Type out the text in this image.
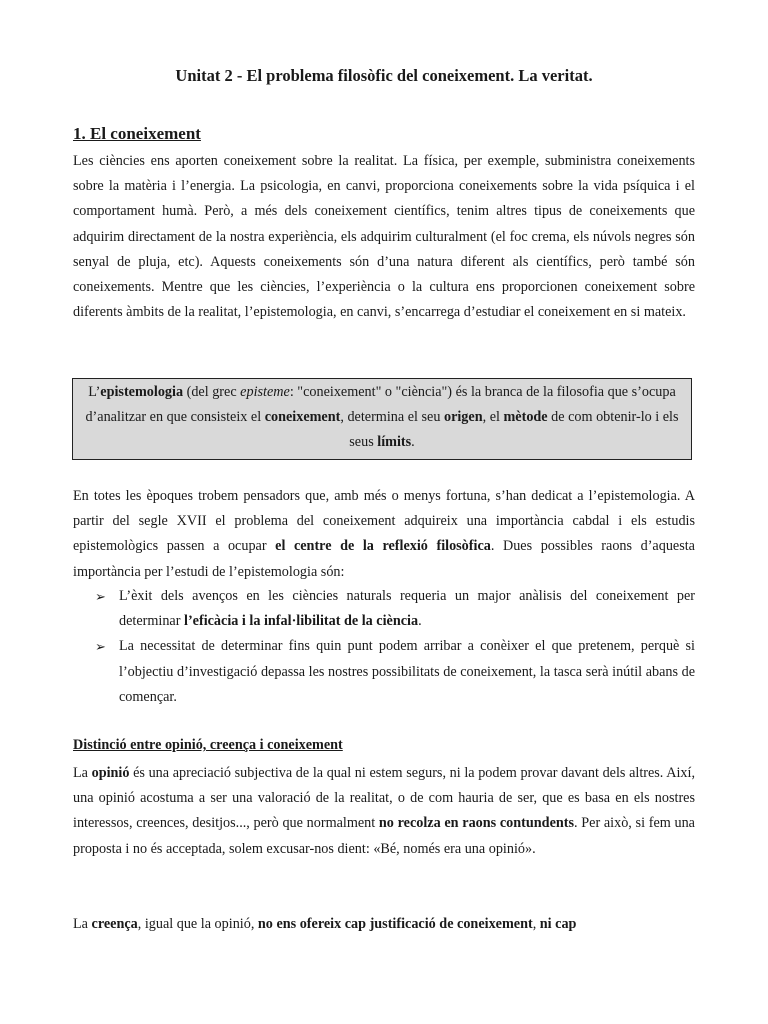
Unitat 2 - El problema filosòfic del coneixement. La veritat.

1. El coneixement

Les ciències ens aporten coneixement sobre la realitat. La física, per exemple, subministra coneixements sobre la matèria i l’energia. La psicologia, en canvi, proporciona coneixements sobre la vida psíquica i el comportament humà. Però, a més dels coneixement científics, tenim altres tipus de coneixements que adquirim directament de la nostra experiència, els adquirim culturalment (el foc crema, els núvols negres són senyal de pluja, etc). Aquests coneixements són d’una natura diferent als científics, però també són coneixements. Mentre que les ciències, l’experiència o la cultura ens proporcionen coneixement sobre diferents àmbits de la realitat, l’epistemologia, en canvi, s’encarrega d’estudiar el coneixement en si mateix.

L’epistemologia (del grec episteme: "coneixement" o "ciència") és la branca de la filosofia que s’ocupa d’analitzar en que consisteix el coneixement, determina el seu origen, el mètode de com obtenir-lo i els seus límits.

En totes les èpoques trobem pensadors que, amb més o menys fortuna, s’han dedicat a l’epistemologia. A partir del segle XVII el problema del coneixement adquireix una importància cabdal i els estudis epistemològics passen a ocupar el centre de la reflexió filosòfica. Dues possibles raons d’aquesta importància per l’estudi de l’epistemologia són:

➢ L’èxit dels avenços en les ciències naturals requeria un major anàlisis del coneixement per determinar l’eficàcia i la infal·libilitat de la ciència.
➢ La necessitat de determinar fins quin punt podem arribar a conèixer el que pretenem, perquè si l’objectiu d’investigació depassa les nostres possibilitats de coneixement, la tasca serà inútil abans de començar.

Distinció entre opinió, creença i coneixement

La opinió és una apreciació subjectiva de la qual ni estem segurs, ni la podem provar davant dels altres. Així, una opinió acostuma a ser una valoració de la realitat, o de com hauria de ser, que es basa en els nostres interessos, creences, desitjos..., però que normalment no recolza en raons contundents. Per això, si fem una proposta i no és acceptada, solem excusar-nos dient: «Bé, només era una opinió».

La creença, igual que la opinió, no ens ofereix cap justificació de coneixement, ni cap
